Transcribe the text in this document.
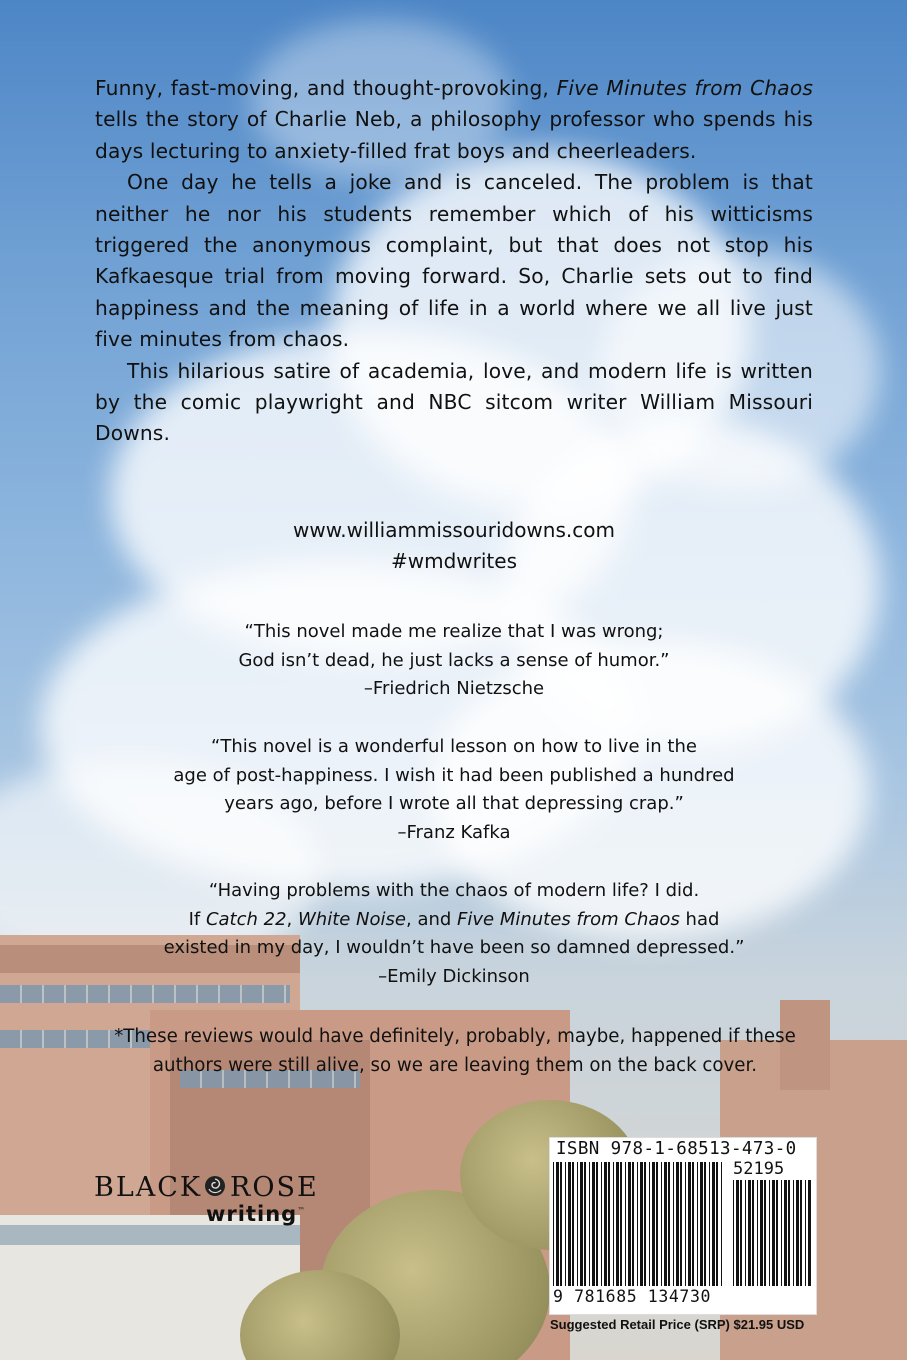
Funny, fast-moving, and thought-provoking, Five Minutes from Chaos tells the story of Charlie Neb, a philosophy professor who spends his days lecturing to anxiety-filled frat boys and cheerleaders.

One day he tells a joke and is canceled. The problem is that neither he nor his students remember which of his witticisms triggered the anonymous complaint, but that does not stop his Kafkaesque trial from moving forward. So, Charlie sets out to find happiness and the meaning of life in a world where we all live just five minutes from chaos.

This hilarious satire of academia, love, and modern life is written by the comic playwright and NBC sitcom writer William Missouri Downs.

www.williammissouridowns.com
#wmdwrites
“This novel made me realize that I was wrong;
God isn’t dead, he just lacks a sense of humor.”
–Friedrich Nietzsche
“This novel is a wonderful lesson on how to live in the
age of post-happiness. I wish it had been published a hundred
years ago, before I wrote all that depressing crap.”
–Franz Kafka
“Having problems with the chaos of modern life? I did.
If Catch 22, White Noise, and Five Minutes from Chaos had
existed in my day, I wouldn’t have been so damned depressed.”
–Emily Dickinson
*These reviews would have definitely, probably, maybe, happened if these
authors were still alive, so we are leaving them on the back cover.
BLACK ROSE
writing™
ISBN 978-1-68513-473-0
52195
9 781685 134730
Suggested Retail Price (SRP) $21.95 USD
